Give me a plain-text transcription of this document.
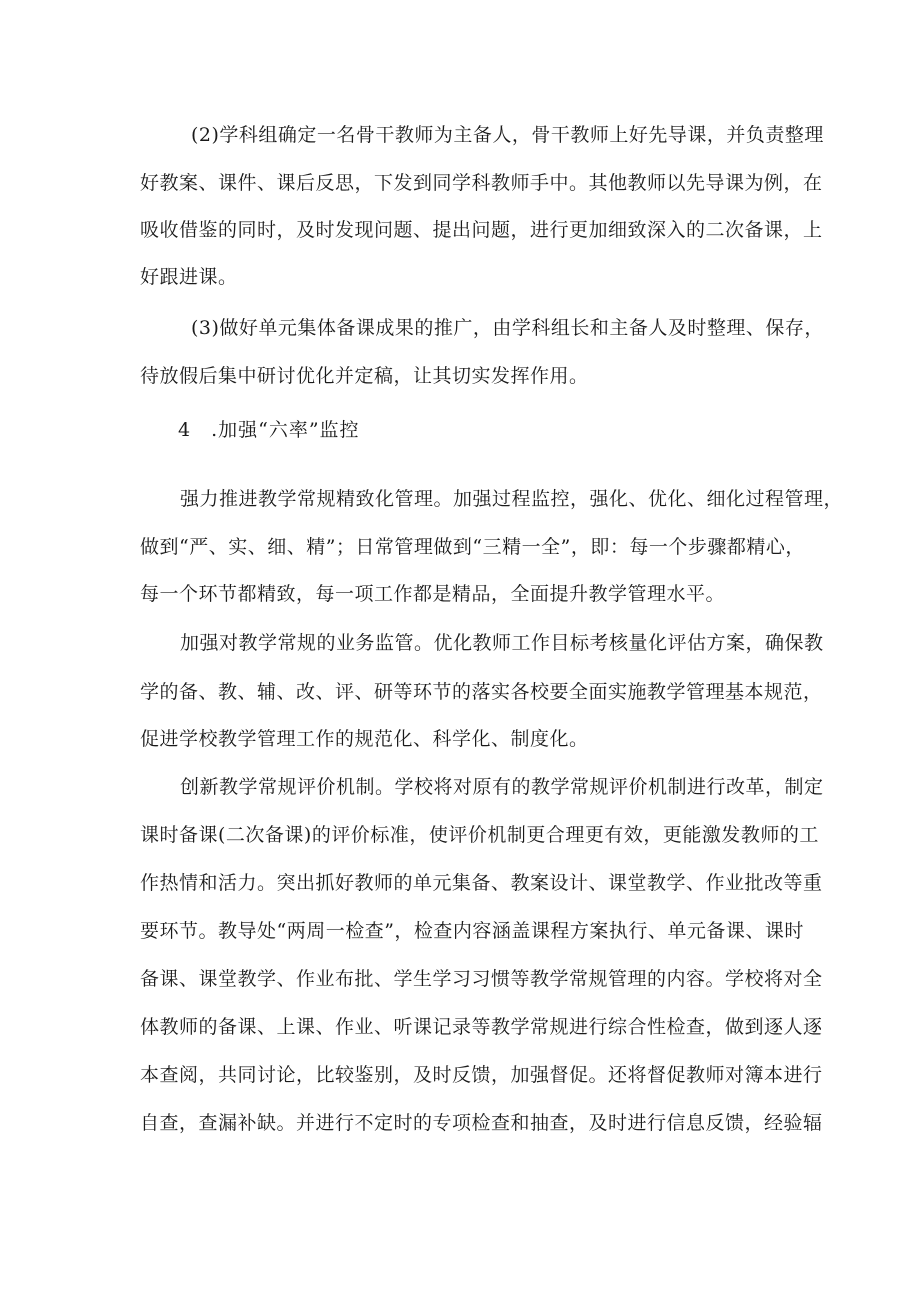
(2)学科组确定一名骨干教师为主备人，骨干教师上好先导课，并负责整理

好教案、课件、课后反思，下发到同学科教师手中。其他教师以先导课为例，在

吸收借鉴的同时，及时发现问题、提出问题，进行更加细致深入的二次备课，上

好跟进课。

(3)做好单元集体备课成果的推广，由学科组长和主备人及时整理、保存，

待放假后集中研讨优化并定稿，让其切实发挥作用。

4　.加强“六率”监控

强力推进教学常规精致化管理。加强过程监控，强化、优化、细化过程管理，

做到“严、实、细、精”；日常管理做到“三精一全”，即：每一个步骤都精心，

每一个环节都精致，每一项工作都是精品，全面提升教学管理水平。

加强对教学常规的业务监管。优化教师工作目标考核量化评估方案，确保教

学的备、教、辅、改、评、研等环节的落实各校要全面实施教学管理基本规范，

促进学校教学管理工作的规范化、科学化、制度化。

创新教学常规评价机制。学校将对原有的教学常规评价机制进行改革，制定

课时备课(二次备课)的评价标准，使评价机制更合理更有效，更能激发教师的工

作热情和活力。突出抓好教师的单元集备、教案设计、课堂教学、作业批改等重

要环节。教导处“两周一检查”，检查内容涵盖课程方案执行、单元备课、课时

备课、课堂教学、作业布批、学生学习习惯等教学常规管理的内容。学校将对全

体教师的备课、上课、作业、听课记录等教学常规进行综合性检查，做到逐人逐

本查阅，共同讨论，比较鉴别，及时反馈，加强督促。还将督促教师对簿本进行

自查，查漏补缺。并进行不定时的专项检查和抽查，及时进行信息反馈，经验辐
